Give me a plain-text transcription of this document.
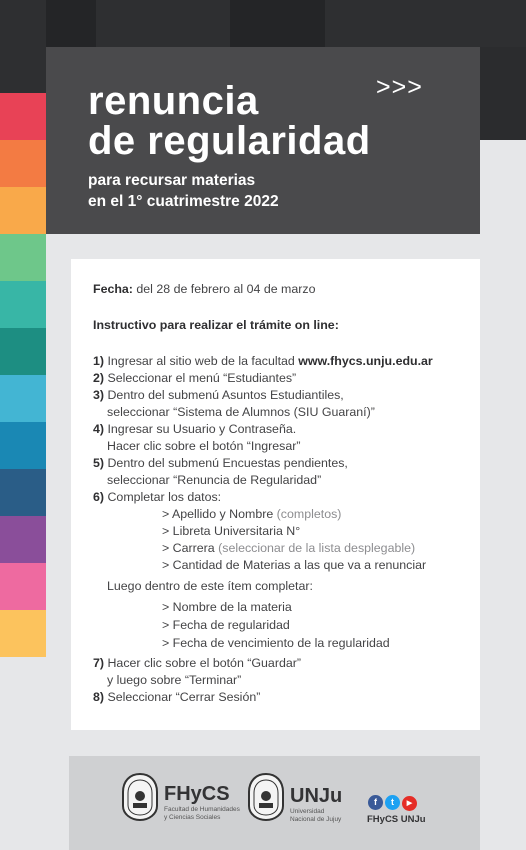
>>>
renuncia
de regularidad

para recursar materias
en el 1° cuatrimestre 2022

Fecha: del 28 de febrero al 04 de marzo

Instructivo para realizar el trámite on line:

1) Ingresar al sitio web de la facultad www.fhycs.unju.edu.ar

2) Seleccionar el menú “Estudiantes”

3) Dentro del submenú Asuntos Estudiantiles,

seleccionar “Sistema de Alumnos (SIU Guaraní)”

4) Ingresar su Usuario y Contraseña.

Hacer clic sobre el botón “Ingresar”

5) Dentro del submenú Encuestas pendientes,

seleccionar “Renuncia de Regularidad”

6) Completar los datos:

> Apellido y Nombre (completos)

> Libreta Universitaria N°

> Carrera (seleccionar de la lista desplegable)

> Cantidad de Materias a las que va a renunciar

Luego dentro de este ítem completar:

> Nombre de la materia

> Fecha de regularidad

> Fecha de vencimiento de la regularidad

7) Hacer clic sobre el botón “Guardar”

y luego sobre “Terminar”

8) Seleccionar “Cerrar Sesión”

FHyCS
Facultad de Humanidades
y Ciencias Sociales
UNJu
Universidad
Nacional de Jujuy
f t ▶
FHyCS UNJu
